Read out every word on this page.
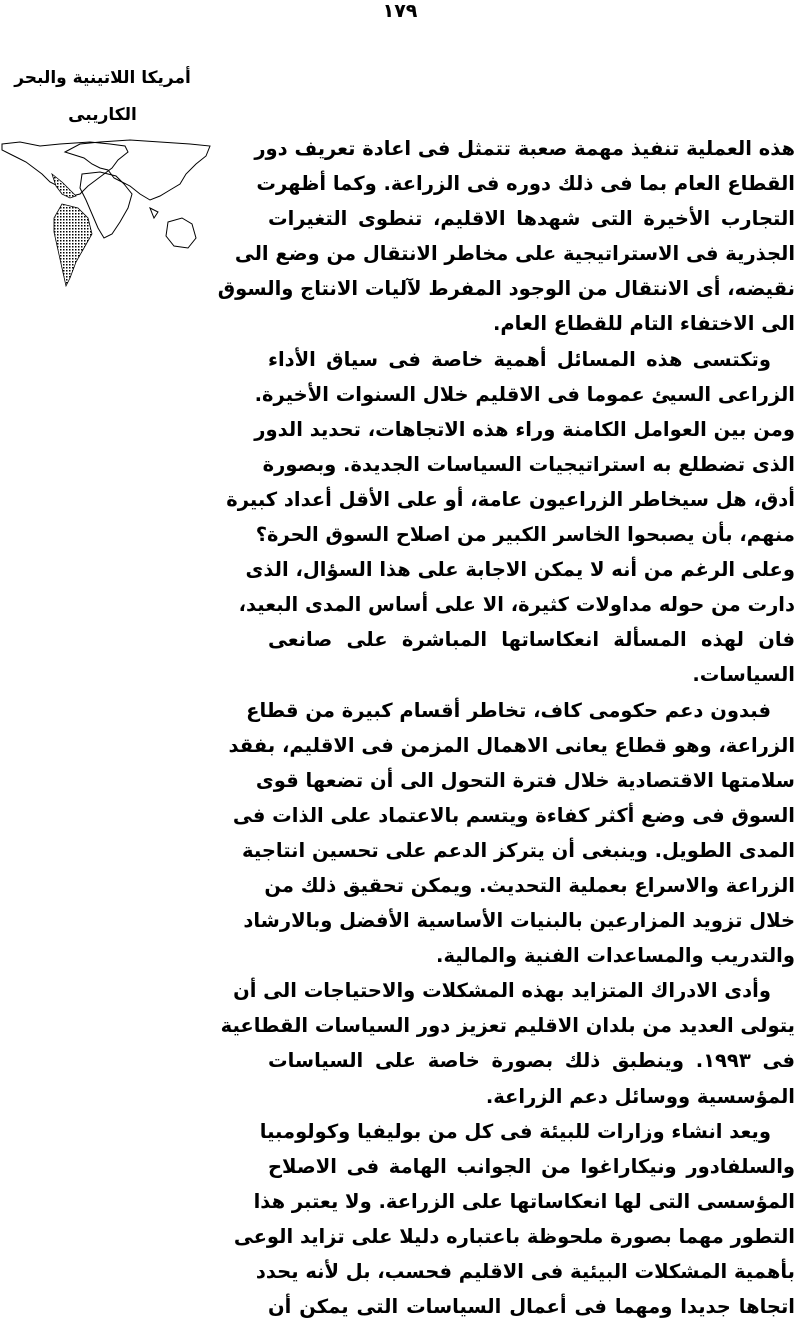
١٧٩
أمريكا اللاتينية والبحر
الكاريبى
هذه العملية تنفيذ مهمة صعبة تتمثل فى اعادة تعريف دور
القطاع العام بما فى ذلك دوره فى الزراعة. وكما أظهرت
التجارب الأخيرة التى شهدها الاقليم، تنطوى التغيرات
الجذرية فى الاستراتيجية على مخاطر الانتقال من وضع الى
نقيضه، أى الانتقال من الوجود المفرط لآليات الانتاج والسوق
الى الاختفاء التام للقطاع العام.
وتكتسى هذه المسائل أهمية خاصة فى سياق الأداء
الزراعى السيئ عموما فى الاقليم خلال السنوات الأخيرة.
ومن بين العوامل الكامنة وراء هذه الاتجاهات، تحديد الدور
الذى تضطلع به استراتيجيات السياسات الجديدة. وبصورة
أدق، هل سيخاطر الزراعيون عامة، أو على الأقل أعداد كبيرة
منهم، بأن يصبحوا الخاسر الكبير من اصلاح السوق الحرة؟
وعلى الرغم من أنه لا يمكن الاجابة على هذا السؤال، الذى
دارت من حوله مداولات كثيرة، الا على أساس المدى البعيد،
فان لهذه المسألة انعكاساتها المباشرة على صانعى
السياسات.
فبدون دعم حكومى كاف، تخاطر أقسام كبيرة من قطاع
الزراعة، وهو قطاع يعانى الاهمال المزمن فى الاقليم، بفقد
سلامتها الاقتصادية خلال فترة التحول الى أن تضعها قوى
السوق فى وضع أكثر كفاءة ويتسم بالاعتماد على الذات فى
المدى الطويل. وينبغى أن يتركز الدعم على تحسين انتاجية
الزراعة والاسراع بعملية التحديث. ويمكن تحقيق ذلك من
خلال تزويد المزارعين بالبنيات الأساسية الأفضل وبالارشاد
والتدريب والمساعدات الفنية والمالية.
وأدى الادراك المتزايد بهذه المشكلات والاحتياجات الى أن
يتولى العديد من بلدان الاقليم تعزيز دور السياسات القطاعية
فى ١٩٩٣. وينطبق ذلك بصورة خاصة على السياسات
المؤسسية ووسائل دعم الزراعة.
ويعد انشاء وزارات للبيئة فى كل من بوليفيا وكولومبيا
والسلفادور ونيكاراغوا من الجوانب الهامة فى الاصلاح
المؤسسى التى لها انعكاساتها على الزراعة. ولا يعتبر هذا
التطور مهما بصورة ملحوظة باعتباره دليلا على تزايد الوعى
بأهمية المشكلات البيئية فى الاقليم فحسب، بل لأنه يحدد
اتجاها جديدا ومهما فى أعمال السياسات التى يمكن أن
